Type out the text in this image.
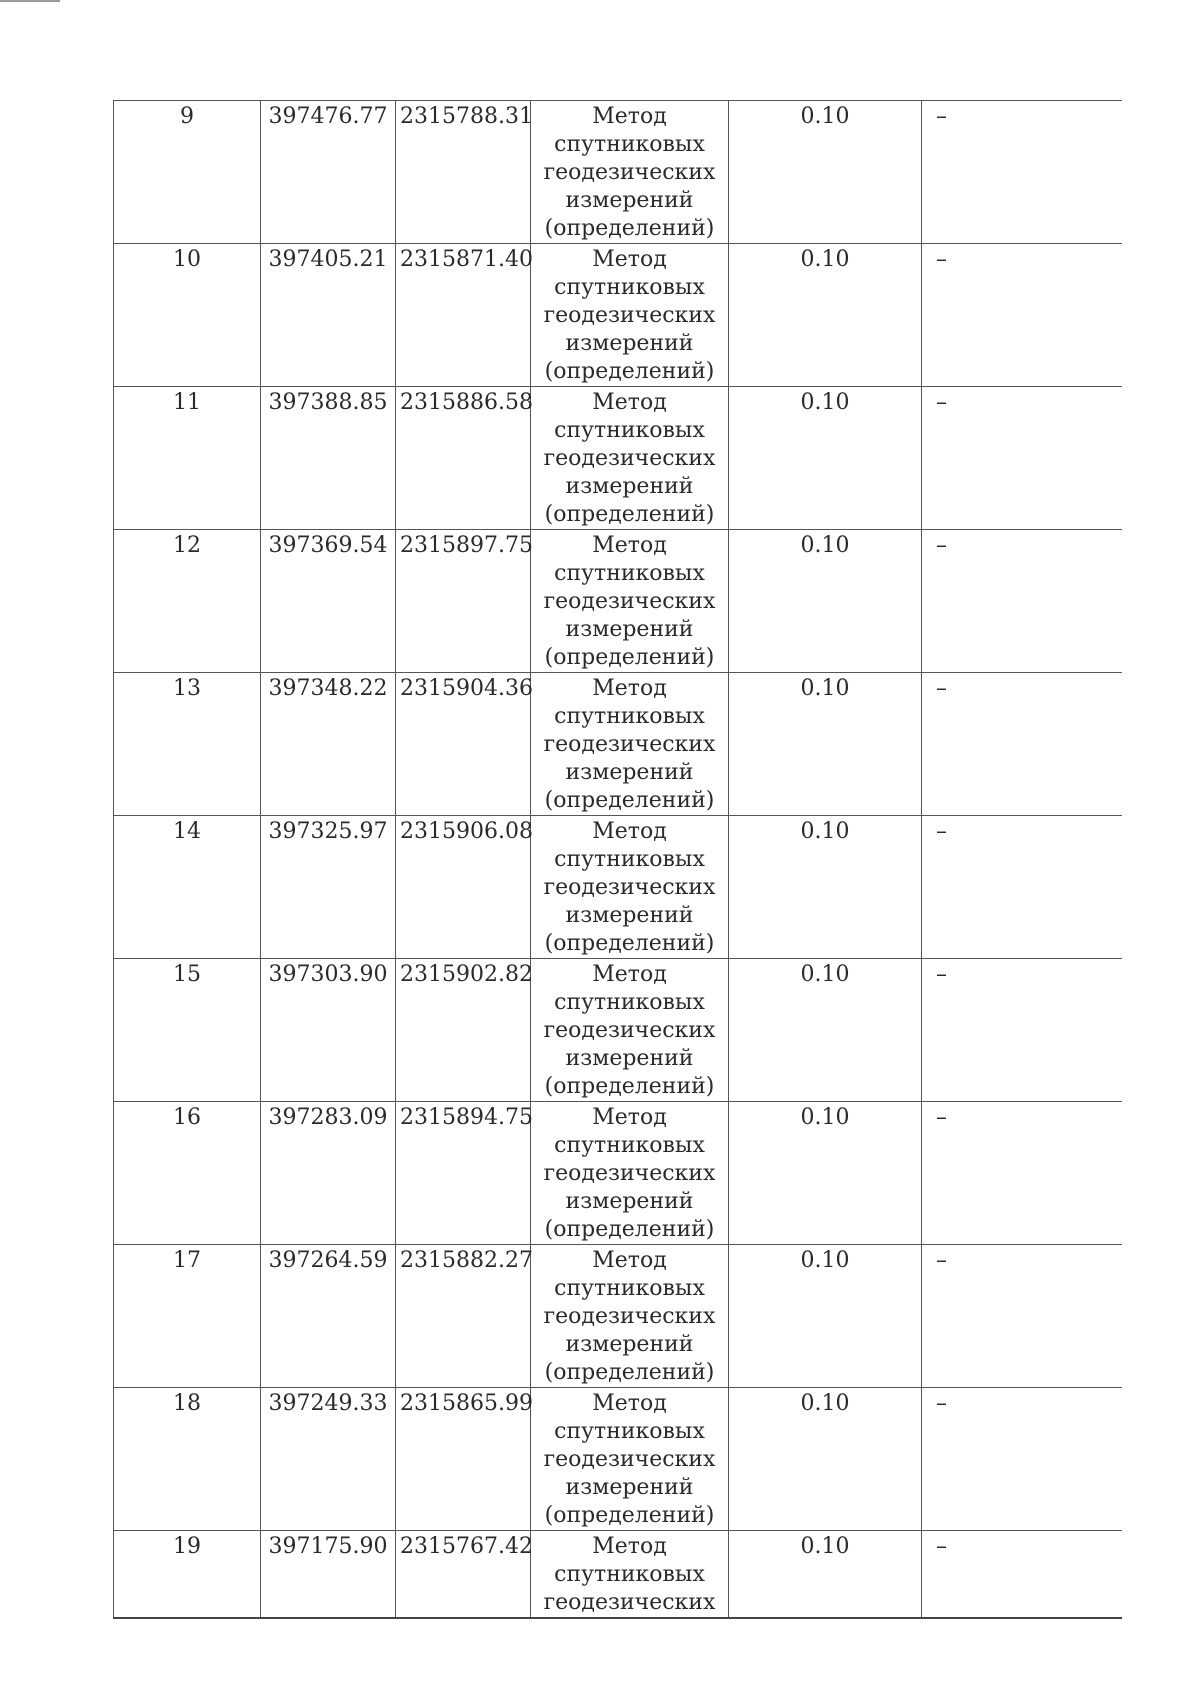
9	397476.77	2315788.31	Метод
спутниковых
геодезических
измерений
(определений)	0.10	–
10	397405.21	2315871.40	Метод
спутниковых
геодезических
измерений
(определений)	0.10	–
11	397388.85	2315886.58	Метод
спутниковых
геодезических
измерений
(определений)	0.10	–
12	397369.54	2315897.75	Метод
спутниковых
геодезических
измерений
(определений)	0.10	–
13	397348.22	2315904.36	Метод
спутниковых
геодезических
измерений
(определений)	0.10	–
14	397325.97	2315906.08	Метод
спутниковых
геодезических
измерений
(определений)	0.10	–
15	397303.90	2315902.82	Метод
спутниковых
геодезических
измерений
(определений)	0.10	–
16	397283.09	2315894.75	Метод
спутниковых
геодезических
измерений
(определений)	0.10	–
17	397264.59	2315882.27	Метод
спутниковых
геодезических
измерений
(определений)	0.10	–
18	397249.33	2315865.99	Метод
спутниковых
геодезических
измерений
(определений)	0.10	–
19	397175.90	2315767.42	Метод
спутниковых
геодезических	0.10	–
